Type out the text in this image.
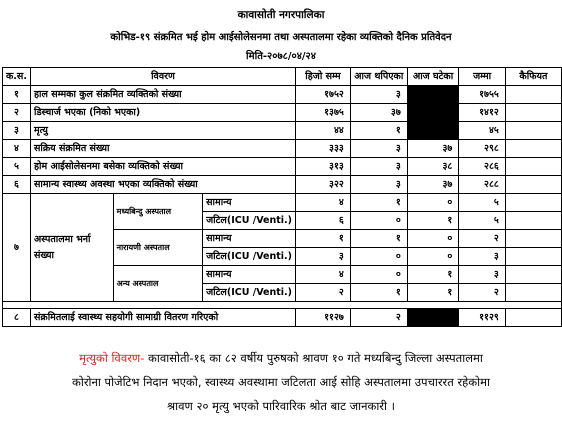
कावासोती नगरपालिका
कोभिड-१९ संक्रमित भई होम आईसोलेसनमा तथा अस्पतालमा रहेका व्यक्तिको दैनिक प्रतिवेदन
मिति-२०७८/०४/२४
क.स.	विवरण			हिजो सम्म	आज थपिएका	आज घटेका	जम्मा	कैफियत
१	हाल सम्मका कुल संक्रमित व्यक्तिको संख्या			१७५२	३		१७५५	
२	डिस्चार्ज भएका (निको भएका)			१३७५	३७		१४१२	
३	मृत्यु			४४	१		४५	
४	सक्रिय संक्रमित संख्या			३३३	३	३७	२९८	
५	होम आईसोलेसनमा बसेका व्यक्तिको संख्या			३१३	३	३८	२८६	
६	सामान्य स्वास्थ्य अवस्था भएका व्यक्तिको संख्या			३२२	३	३७	२८८	
७	अस्पतालमा भर्ना संख्या	मध्यबिन्दु अस्पताल	सामान्य	४	१	०	५	
			जटिल(ICU /Venti.)	६	०	१	५	
		नारायणी अस्पताल	सामान्य	१	१	०	२	
			जटिल(ICU /Venti.)	३	०	०	३	
		अन्य अस्पताल	सामान्य	४	०	१	३	
			जटिल(ICU /Venti.)	२	१	१	२	

८	संक्रमितलाई स्वास्थ्य सहयोगी सामाग्री वितरण गरिएको			११२७	२		११२९	
मृत्युको विवरण- कावासोती-१६ का ८२ वर्षीय पुरुषको श्रावण १० गते मध्यबिन्दु जिल्ला अस्पतालमा
कोरोना पोजेटिभ निदान भएको, स्वास्थ्य अवस्थामा जटिलता आई सोहि अस्पतालमा उपचाररत रहेकोमा
श्रावण २० मृत्यु भएको पारिवारिक श्रोत बाट जानकारी ।
